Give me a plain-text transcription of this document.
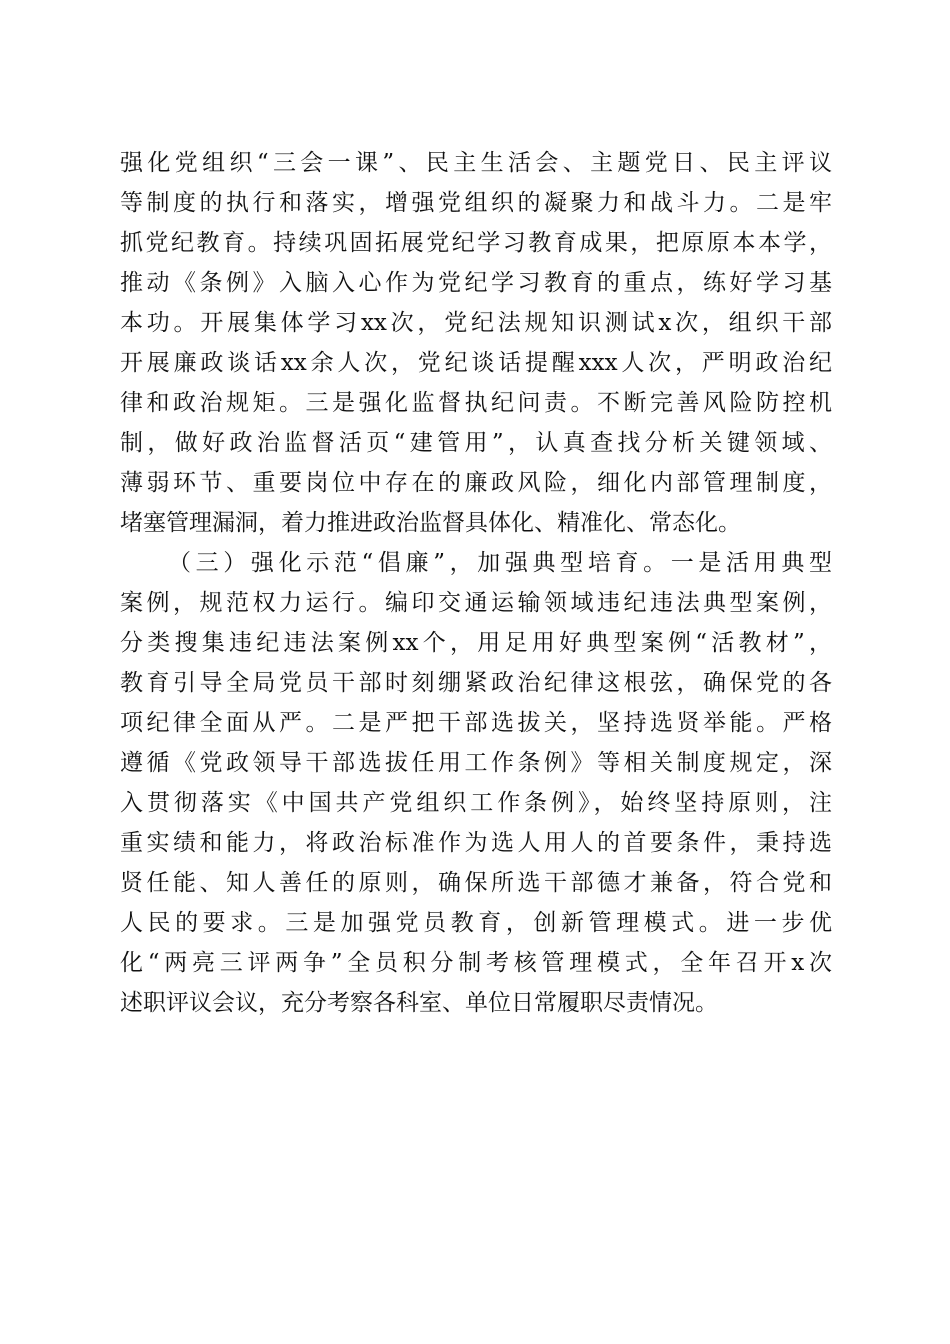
强化党组织“三会一课”、民主生活会、主题党日、民主评议
等制度的执行和落实，增强党组织的凝聚力和战斗力。二是牢
抓党纪教育。持续巩固拓展党纪学习教育成果，把原原本本学，
推动《条例》入脑入心作为党纪学习教育的重点，练好学习基
本功。开展集体学习xx次，党纪法规知识测试x次，组织干部
开展廉政谈话xx余人次，党纪谈话提醒xxx人次，严明政治纪
律和政治规矩。三是强化监督执纪问责。不断完善风险防控机
制，做好政治监督活页“建管用”，认真查找分析关键领域、
薄弱环节、重要岗位中存在的廉政风险，细化内部管理制度，
堵塞管理漏洞，着力推进政治监督具体化、精准化、常态化。
（三）强化示范“倡廉”，加强典型培育。一是活用典型
案例，规范权力运行。编印交通运输领域违纪违法典型案例，
分类搜集违纪违法案例xx个，用足用好典型案例“活教材”，
教育引导全局党员干部时刻绷紧政治纪律这根弦，确保党的各
项纪律全面从严。二是严把干部选拔关，坚持选贤举能。严格
遵循《党政领导干部选拔任用工作条例》等相关制度规定，深
入贯彻落实《中国共产党组织工作条例》，始终坚持原则，注
重实绩和能力，将政治标准作为选人用人的首要条件，秉持选
贤任能、知人善任的原则，确保所选干部德才兼备，符合党和
人民的要求。三是加强党员教育，创新管理模式。进一步优
化“两亮三评两争”全员积分制考核管理模式，全年召开x次
述职评议会议，充分考察各科室、单位日常履职尽责情况。
